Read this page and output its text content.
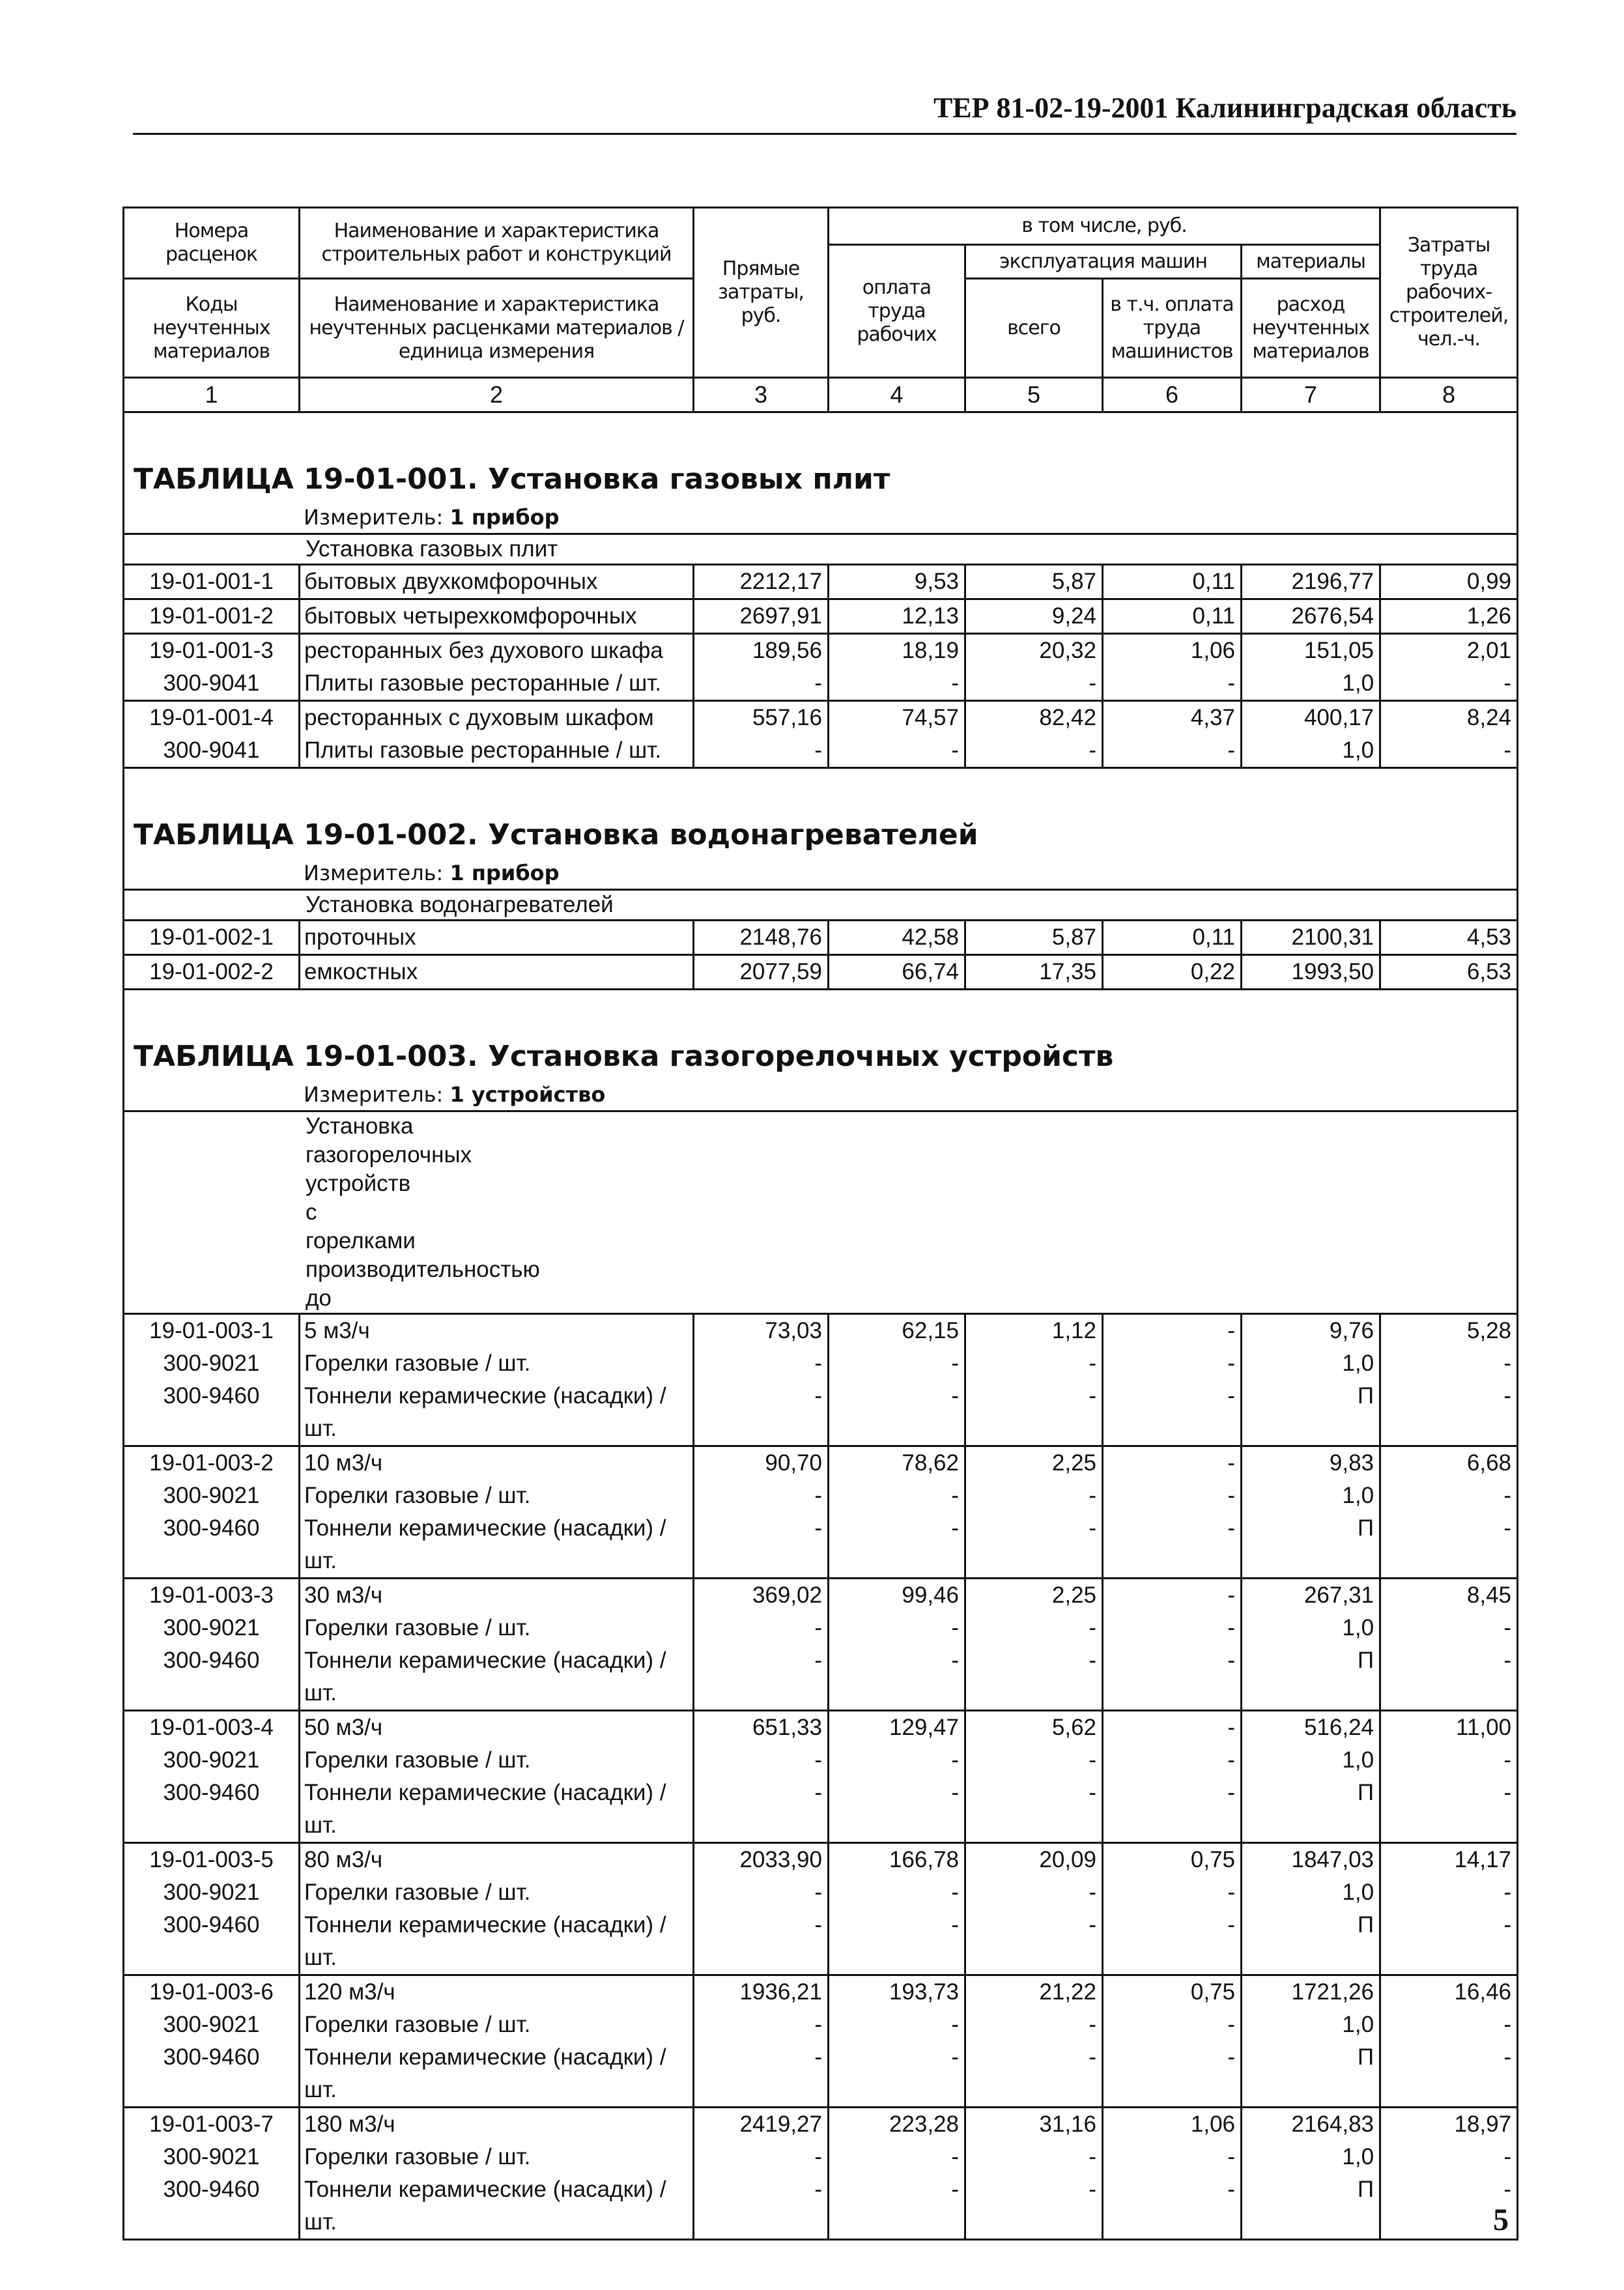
ТЕР 81-02-19-2001 Калининградская область
Номера расценок	Наименование и характеристика строительных работ и конструкций	Прямые затраты, руб.	в том числе, руб.				Затраты труда рабочих-строителей, чел.-ч.
			оплата труда рабочих	эксплуатация машин		материалы	
Коды неучтенных материалов	Наименование и характеристика неучтенных расценками материалов / единица измерения			всего	в т.ч. оплата труда машинистов	расход неучтенных материалов	

1	2	3	4	5	6	7	8
ТАБЛИЦА 19-01-001. Установка газовых плит							
Измеритель: 1 прибор							
Установка газовых плит							
19-01-001-1	бытовых двухкомфорочных	2212,17	9,53	5,87	0,11	2196,77	0,99
19-01-001-2	бытовых четырехкомфорочных	2697,91	12,13	9,24	0,11	2676,54	1,26
19-01-001-3	ресторанных без духового шкафа	189,56	18,19	20,32	1,06	151,05	2,01
300-9041	Плиты газовые ресторанные / шт.	-	-	-	-	1,0	-
19-01-001-4	ресторанных с духовым шкафом	557,16	74,57	82,42	4,37	400,17	8,24
300-9041	Плиты газовые ресторанные / шт.	-	-	-	-	1,0	-
ТАБЛИЦА 19-01-002. Установка водонагревателей							
Измеритель: 1 прибор							
Установка водонагревателей							
19-01-002-1	проточных	2148,76	42,58	5,87	0,11	2100,31	4,53
19-01-002-2	емкостных	2077,59	66,74	17,35	0,22	1993,50	6,53
ТАБЛИЦА 19-01-003. Установка газогорелочных устройств							
Измеритель: 1 устройство							
Установка газогорелочных устройств с горелками производительностью до							
19-01-003-1	5 м3/ч	73,03	62,15	1,12	-	9,76	5,28
300-9021	Горелки газовые / шт.	-	-	-	-	1,0	-
300-9460	Тоннели керамические (насадки) / шт.	-	-	-	-	П	-
19-01-003-2	10 м3/ч	90,70	78,62	2,25	-	9,83	6,68
300-9021	Горелки газовые / шт.	-	-	-	-	1,0	-
300-9460	Тоннели керамические (насадки) / шт.	-	-	-	-	П	-
19-01-003-3	30 м3/ч	369,02	99,46	2,25	-	267,31	8,45
300-9021	Горелки газовые / шт.	-	-	-	-	1,0	-
300-9460	Тоннели керамические (насадки) / шт.	-	-	-	-	П	-
19-01-003-4	50 м3/ч	651,33	129,47	5,62	-	516,24	11,00
300-9021	Горелки газовые / шт.	-	-	-	-	1,0	-
300-9460	Тоннели керамические (насадки) / шт.	-	-	-	-	П	-
19-01-003-5	80 м3/ч	2033,90	166,78	20,09	0,75	1847,03	14,17
300-9021	Горелки газовые / шт.	-	-	-	-	1,0	-
300-9460	Тоннели керамические (насадки) / шт.	-	-	-	-	П	-
19-01-003-6	120 м3/ч	1936,21	193,73	21,22	0,75	1721,26	16,46
300-9021	Горелки газовые / шт.	-	-	-	-	1,0	-
300-9460	Тоннели керамические (насадки) / шт.	-	-	-	-	П	-
19-01-003-7	180 м3/ч	2419,27	223,28	31,16	1,06	2164,83	18,97
300-9021	Горелки газовые / шт.	-	-	-	-	1,0	-
300-9460	Тоннели керамические (насадки) / шт.	-	-	-	-	П	-
5
